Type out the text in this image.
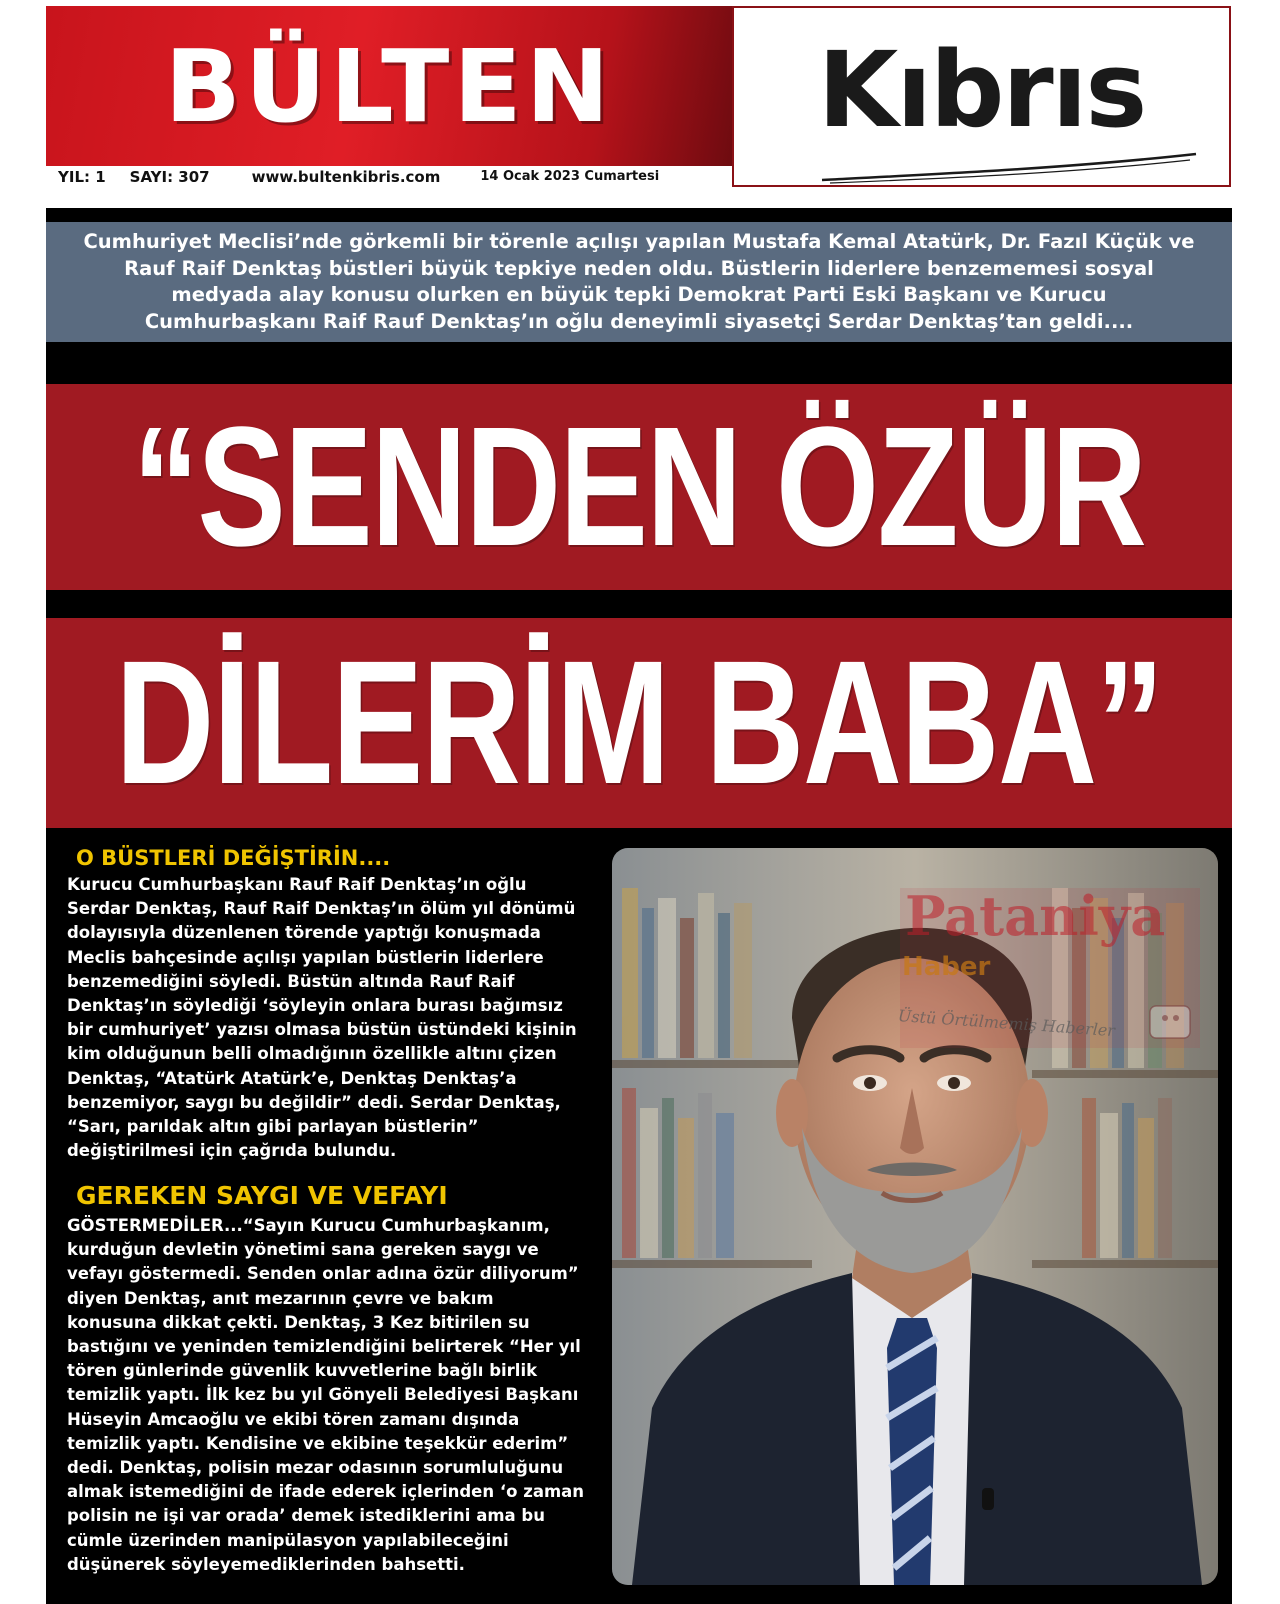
BÜLTEN	Kıbrıs
YIL: 1 SAYI: 307	www.bultenkibris.com	14 Ocak 2023 Cumartesi
Cumhuriyet Meclisi’nde görkemli bir törenle açılışı yapılan Mustafa Kemal Atatürk, Dr. Fazıl Küçük ve
Rauf Raif Denktaş büstleri büyük tepkiye neden oldu. Büstlerin liderlere benzememesi sosyal
medyada alay konusu olurken en büyük tepki Demokrat Parti Eski Başkanı ve Kurucu
Cumhurbaşkanı Raif Rauf Denktaş’ın oğlu deneyimli siyasetçi Serdar Denktaş’tan geldi....
“SENDEN ÖZÜR
DİLERİM BABA”
O BÜSTLERİ DEĞİŞTİRİN....
Kurucu Cumhurbaşkanı Rauf Raif Denktaş’ın oğlu
Serdar Denktaş, Rauf Raif Denktaş’ın ölüm yıl dönümü
dolayısıyla düzenlenen törende yaptığı konuşmada
Meclis bahçesinde açılışı yapılan büstlerin liderlere
benzemediğini söyledi. Büstün altında Rauf Raif
Denktaş’ın söylediği ‘söyleyin onlara burası bağımsız
bir cumhuriyet’ yazısı olmasa büstün üstündeki kişinin
kim olduğunun belli olmadığının özellikle altını çizen
Denktaş, “Atatürk Atatürk’e, Denktaş Denktaş’a
benzemiyor, saygı bu değildir” dedi. Serdar Denktaş,
“Sarı, parıldak altın gibi parlayan büstlerin”
değiştirilmesi için çağrıda bulundu.
GEREKEN SAYGI VE VEFAYI
GÖSTERMEDİLER...“Sayın Kurucu Cumhurbaşkanım,
kurduğun devletin yönetimi sana gereken saygı ve
vefayı göstermedi. Senden onlar adına özür diliyorum”
diyen Denktaş, anıt mezarının çevre ve bakım
konusuna dikkat çekti. Denktaş, 3 Kez bitirilen su
bastığını ve yeninden temizlendiğini belirterek “Her yıl
tören günlerinde güvenlik kuvvetlerine bağlı birlik
temizlik yaptı. İlk kez bu yıl Gönyeli Belediyesi Başkanı
Hüseyin Amcaoğlu ve ekibi tören zamanı dışında
temizlik yaptı. Kendisine ve ekibine teşekkür ederim”
dedi. Denktaş, polisin mezar odasının sorumluluğunu
almak istemediğini de ifade ederek içlerinden ‘o zaman
polisin ne işi var orada’ demek istediklerini ama bu
cümle üzerinden manipülasyon yapılabileceğini
düşünerek söyleyemediklerinden bahsetti.
Pataniya
Haber
Üstü Örtülmemiş Haberler
